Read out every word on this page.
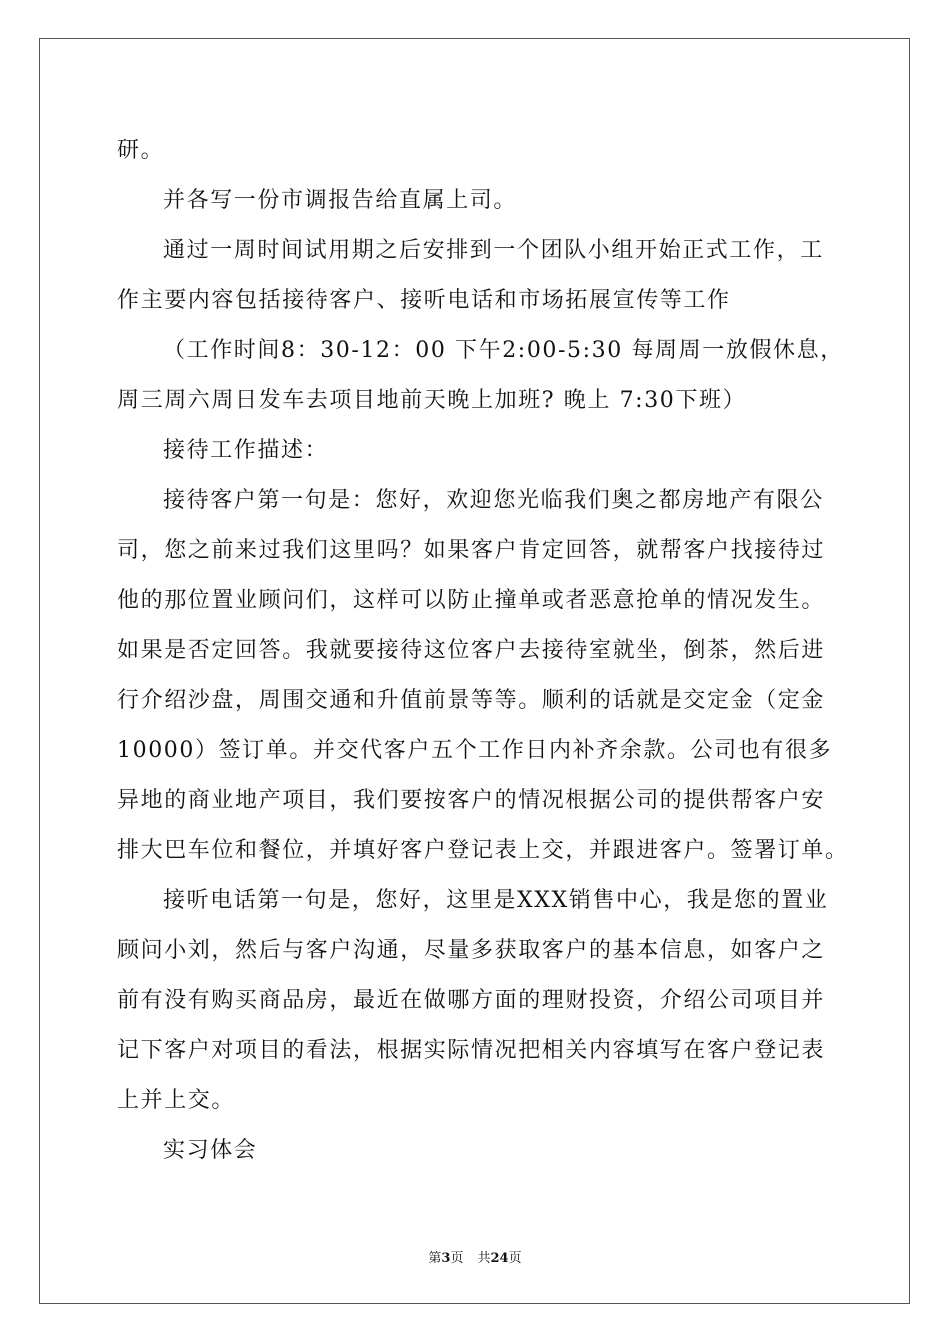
研。
并各写一份市调报告给直属上司。
通过一周时间试用期之后安排到一个团队小组开始正式工作，工
作主要内容包括接待客户、接听电话和市场拓展宣传等工作
（工作时间8：30-12：00 下午2:00-5:30 每周周一放假休息，
周三周六周日发车去项目地前天晚上加班? 晚上 7:30下班）
接待工作描述：
接待客户第一句是：您好，欢迎您光临我们奥之都房地产有限公
司，您之前来过我们这里吗？如果客户肯定回答，就帮客户找接待过
他的那位置业顾问们，这样可以防止撞单或者恶意抢单的情况发生。
如果是否定回答。我就要接待这位客户去接待室就坐，倒茶，然后进
行介绍沙盘，周围交通和升值前景等等。顺利的话就是交定金（定金
10000）签订单。并交代客户五个工作日内补齐余款。公司也有很多
异地的商业地产项目，我们要按客户的情况根据公司的提供帮客户安
排大巴车位和餐位，并填好客户登记表上交，并跟进客户。签署订单。
接听电话第一句是，您好，这里是XXX销售中心，我是您的置业
顾问小刘，然后与客户沟通，尽量多获取客户的基本信息，如客户之
前有没有购买商品房，最近在做哪方面的理财投资，介绍公司项目并
记下客户对项目的看法，根据实际情况把相关内容填写在客户登记表
上并上交。
实习体会
第3页 共24页
